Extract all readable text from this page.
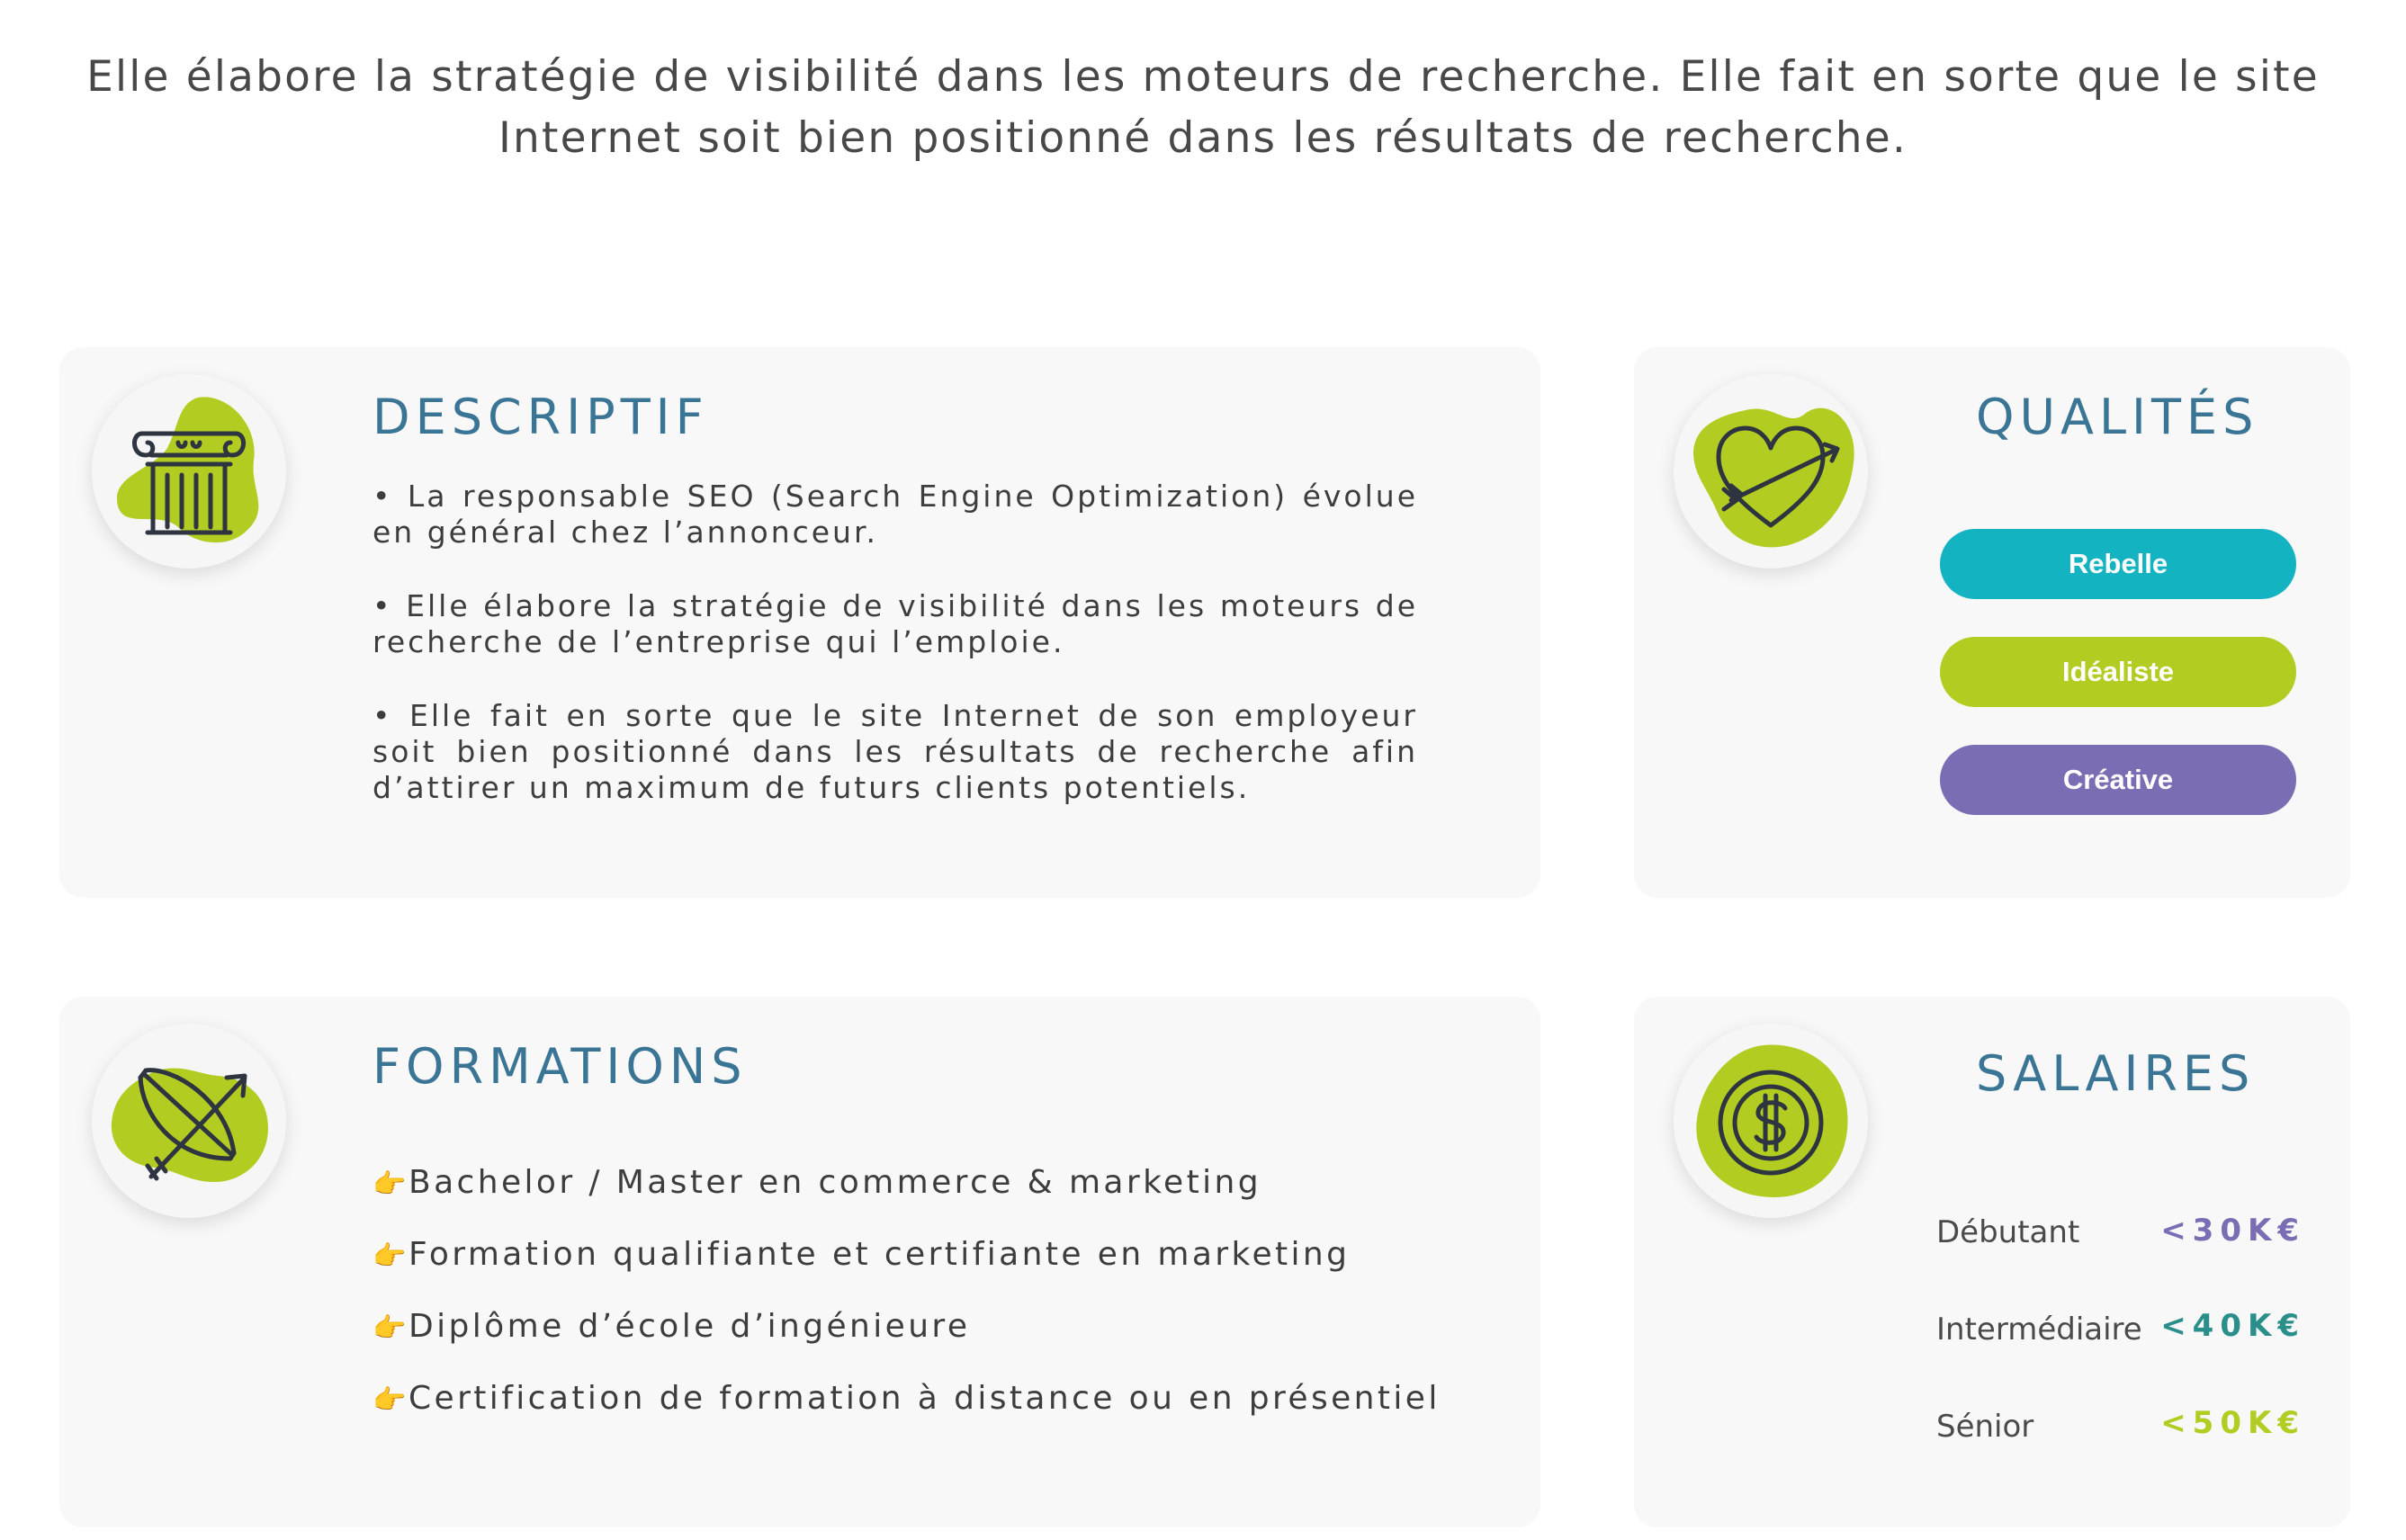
Elle élabore la stratégie de visibilité dans les moteurs de recherche. Elle fait en sorte que le site
Internet soit bien positionné dans les résultats de recherche.
DESCRIPTIF

• La responsable SEO (Search Engine Optimization) évolue en général chez l’annonceur.

• Elle élabore la stratégie de visibilité dans les moteurs de recherche de l’entreprise qui l’emploie.

• Elle fait en sorte que le site Internet de son employeur soit bien positionné dans les résultats de recherche afin d’attirer un maximum de futurs clients potentiels.

QUALITÉS
Rebelle
Idéaliste
Créative
FORMATIONS
👉Bachelor / Master en commerce & marketing
👉Formation qualifiante et certifiante en marketing
👉Diplôme d’école d’ingénieure
👉Certification de formation à distance ou en présentiel
SALAIRES
Débutant	<30K€
Intermédiaire <40K€
Sénior	<50K€
